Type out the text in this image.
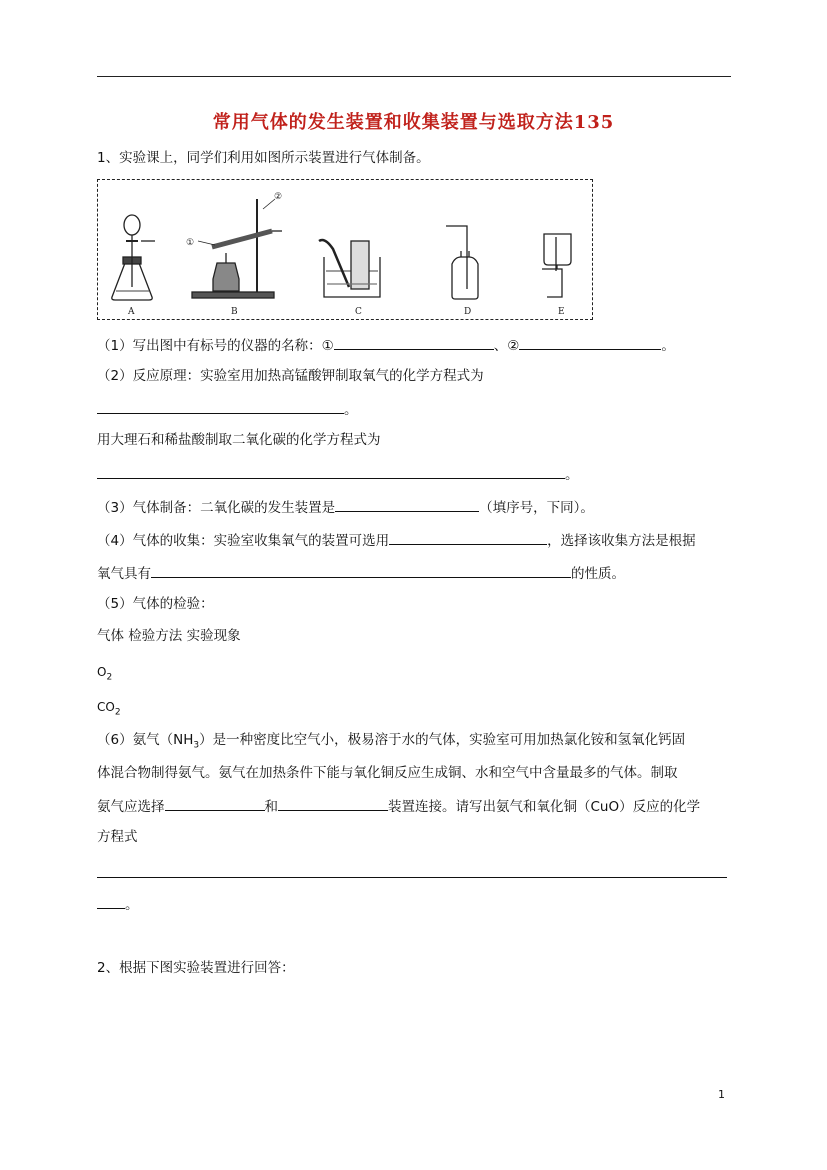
常用气体的发生装置和收集装置与选取方法135
1、实验课上，同学们利用如图所示装置进行气体制备。
A
①
②
B	C	D	E
（1）写出图中有标号的仪器的名称：①	、②	。
（2）反应原理：实验室用加热高锰酸钾制取氧气的化学方程式为
。
用大理石和稀盐酸制取二氧化碳的化学方程式为
。
（3）气体制备：二氧化碳的发生装置是	（填序号，下同）。
（4）气体的收集：实验室收集氧气的装置可选用	，选择该收集方法是根据
氧气具有	的性质。
（5）气体的检验：
气体 检验方法 实验现象
$O_2$
$CO_2$
（6）氨气$(NH_3)$是一种密度比空气小，极易溶于水的气体，实验室可用加热氯化铵和氢氧化钙固
体混合物制得氨气。氨气在加热条件下能与氧化铜反应生成铜、水和空气中含量最多的气体。制取
氨气应选择	和	装置连接。请写出氨气和氧化铜（CuO）反应的化学
方程式
。
2、根据下图实验装置进行回答：
1
